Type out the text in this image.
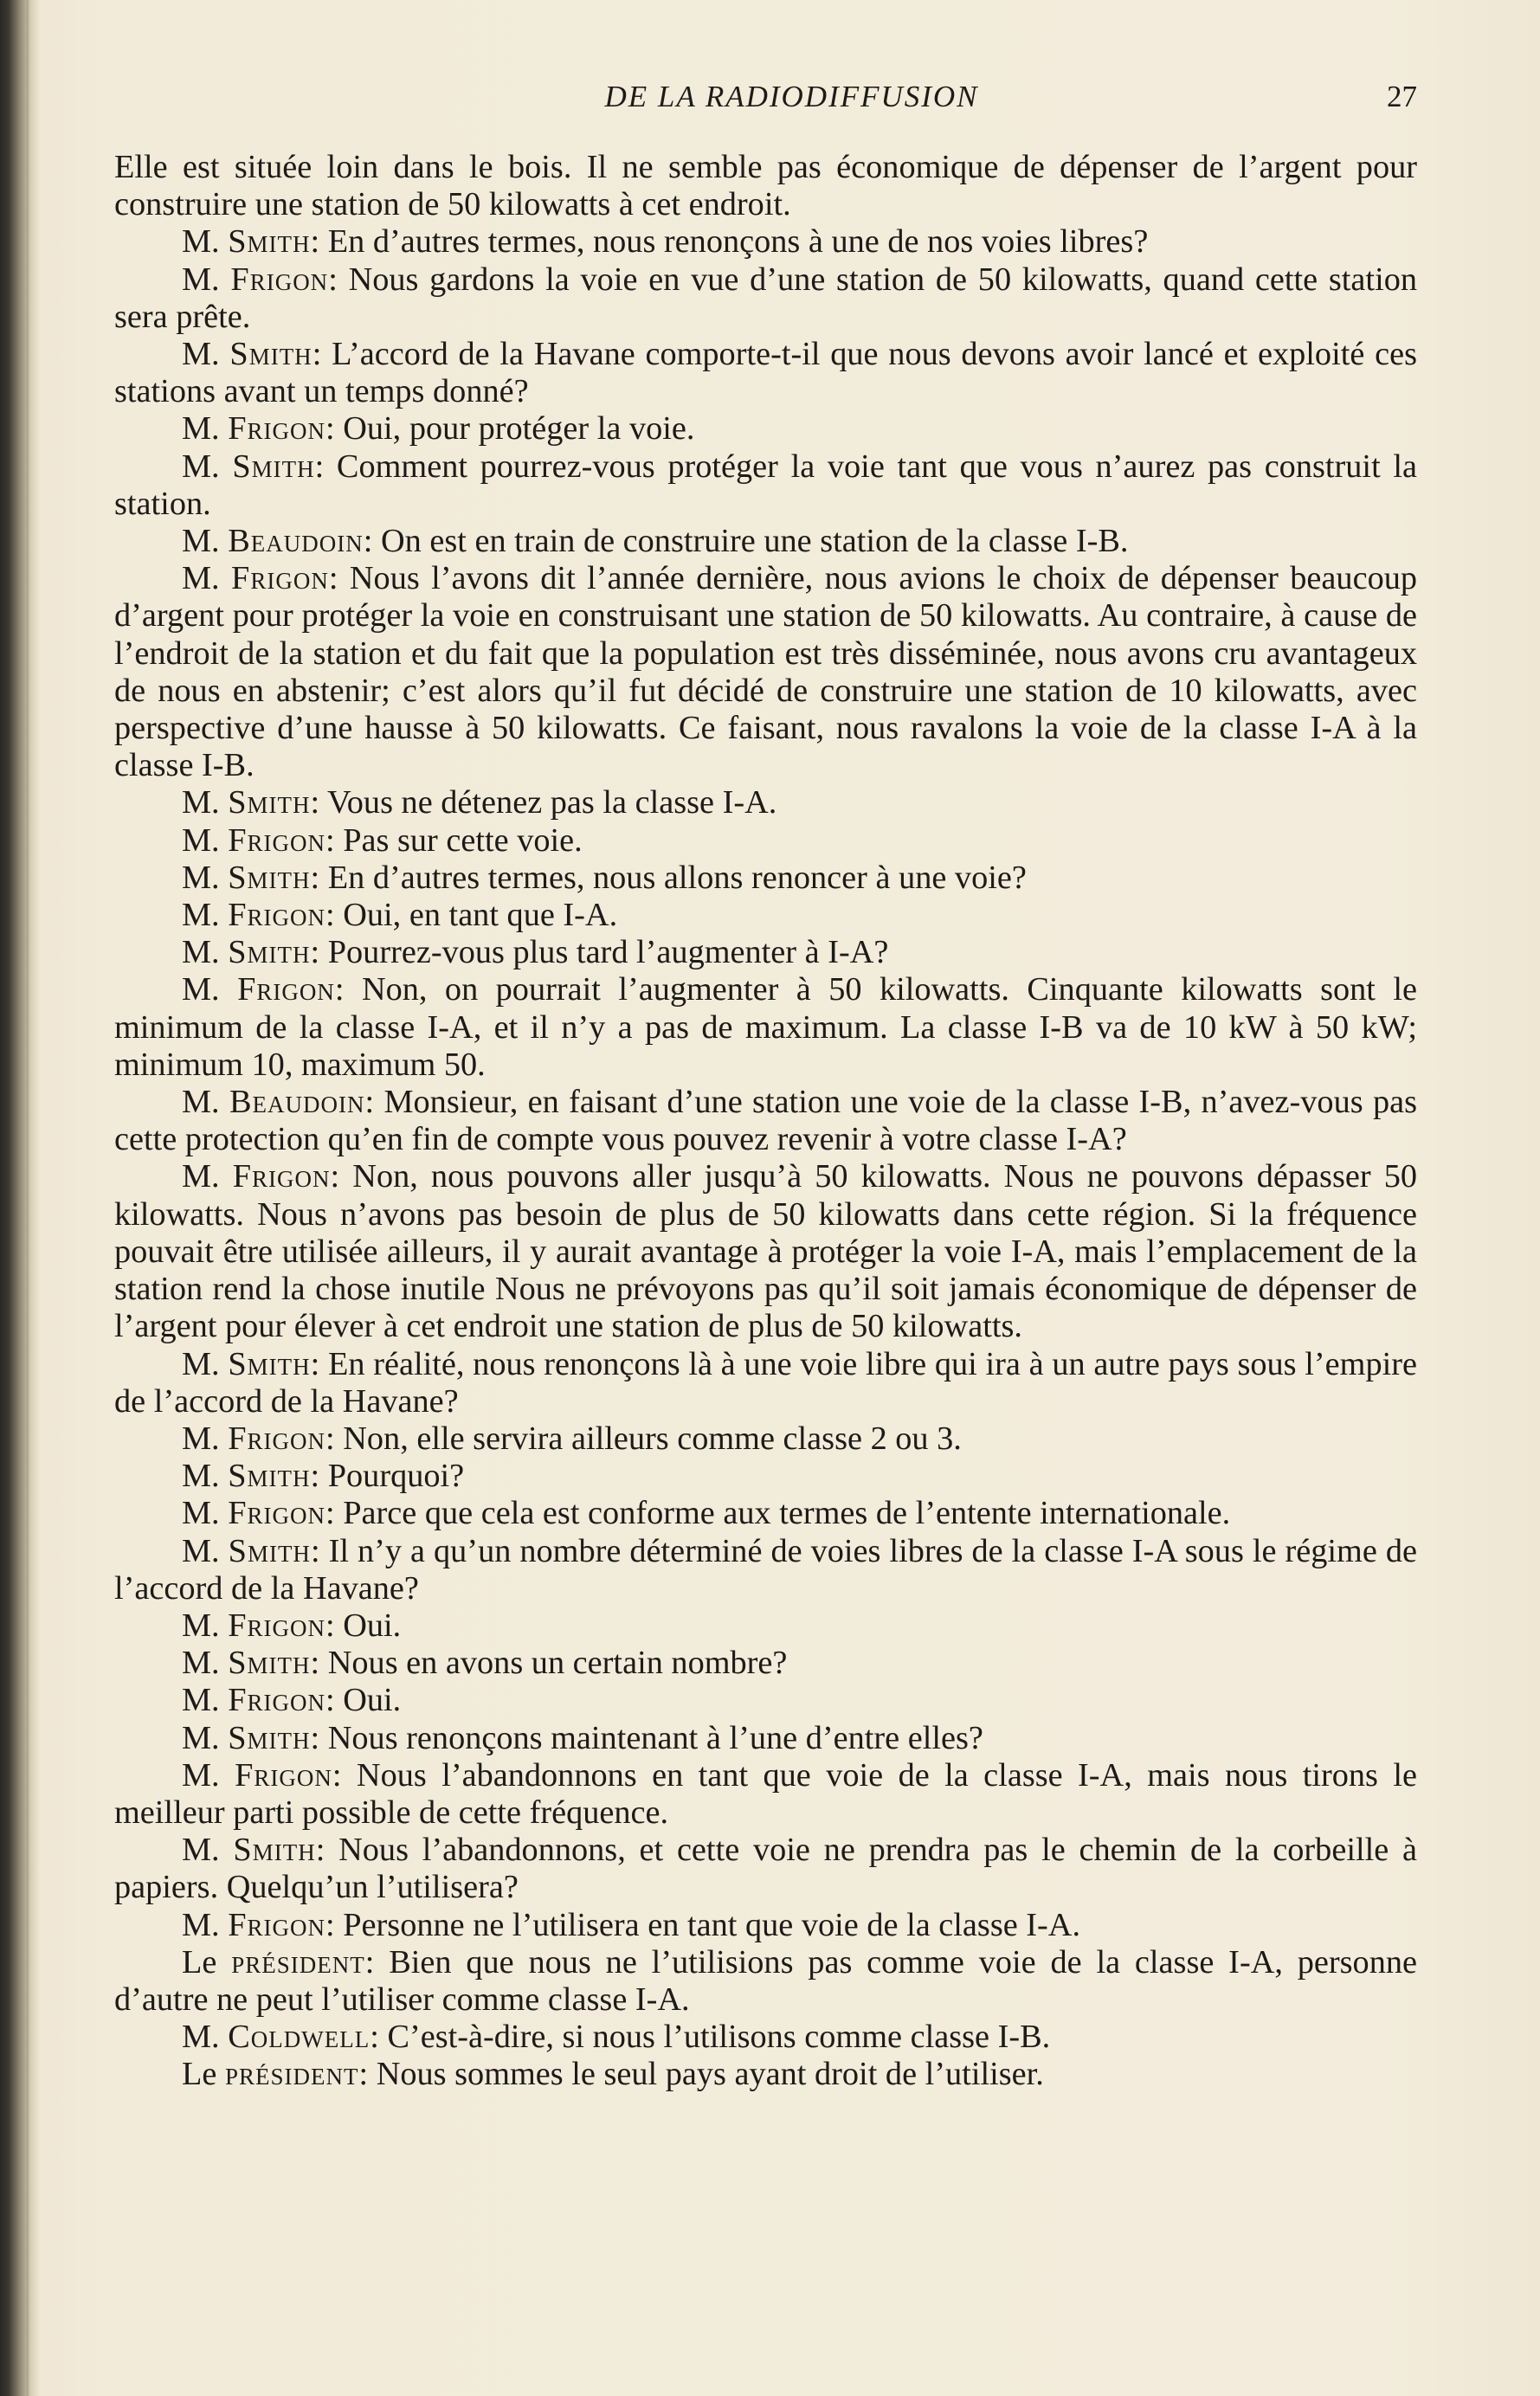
DE LA RADIODIFFUSION	27

Elle est située loin dans le bois. Il ne semble pas économique de dépenser de l’argent pour construire une station de 50 kilowatts à cet endroit.

M. Smith: En d’autres termes, nous renonçons à une de nos voies libres?

M. Frigon: Nous gardons la voie en vue d’une station de 50 kilowatts, quand cette station sera prête.

M. Smith: L’accord de la Havane comporte-t-il que nous devons avoir lancé et exploité ces stations avant un temps donné?

M. Frigon: Oui, pour protéger la voie.

M. Smith: Comment pourrez-vous protéger la voie tant que vous n’aurez pas construit la station.

M. Beaudoin: On est en train de construire une station de la classe I-B.

M. Frigon: Nous l’avons dit l’année dernière, nous avions le choix de dépenser beaucoup d’argent pour protéger la voie en construisant une station de 50 kilowatts. Au contraire, à cause de l’endroit de la station et du fait que la population est très disséminée, nous avons cru avantageux de nous en abstenir; c’est alors qu’il fut décidé de construire une station de 10 kilowatts, avec perspective d’une hausse à 50 kilowatts. Ce faisant, nous ravalons la voie de la classe I-A à la classe I-B.

M. Smith: Vous ne détenez pas la classe I-A.

M. Frigon: Pas sur cette voie.

M. Smith: En d’autres termes, nous allons renoncer à une voie?

M. Frigon: Oui, en tant que I-A.

M. Smith: Pourrez-vous plus tard l’augmenter à I-A?

M. Frigon: Non, on pourrait l’augmenter à 50 kilowatts. Cinquante kilowatts sont le minimum de la classe I-A, et il n’y a pas de maximum. La classe I-B va de 10 kW à 50 kW; minimum 10, maximum 50.

M. Beaudoin: Monsieur, en faisant d’une station une voie de la classe I-B, n’avez-vous pas cette protection qu’en fin de compte vous pouvez revenir à votre classe I-A?

M. Frigon: Non, nous pouvons aller jusqu’à 50 kilowatts. Nous ne pouvons dépasser 50 kilowatts. Nous n’avons pas besoin de plus de 50 kilowatts dans cette région. Si la fréquence pouvait être utilisée ailleurs, il y aurait avantage à protéger la voie I-A, mais l’emplacement de la station rend la chose inutile Nous ne prévoyons pas qu’il soit jamais économique de dépenser de l’argent pour élever à cet endroit une station de plus de 50 kilowatts.

M. Smith: En réalité, nous renonçons là à une voie libre qui ira à un autre pays sous l’empire de l’accord de la Havane?

M. Frigon: Non, elle servira ailleurs comme classe 2 ou 3.

M. Smith: Pourquoi?

M. Frigon: Parce que cela est conforme aux termes de l’entente internationale.

M. Smith: Il n’y a qu’un nombre déterminé de voies libres de la classe I-A sous le régime de l’accord de la Havane?

M. Frigon: Oui.

M. Smith: Nous en avons un certain nombre?

M. Frigon: Oui.

M. Smith: Nous renonçons maintenant à l’une d’entre elles?

M. Frigon: Nous l’abandonnons en tant que voie de la classe I-A, mais nous tirons le meilleur parti possible de cette fréquence.

M. Smith: Nous l’abandonnons, et cette voie ne prendra pas le chemin de la corbeille à papiers. Quelqu’un l’utilisera?

M. Frigon: Personne ne l’utilisera en tant que voie de la classe I-A.

Le président: Bien que nous ne l’utilisions pas comme voie de la classe I-A, personne d’autre ne peut l’utiliser comme classe I-A.

M. Coldwell: C’est-à-dire, si nous l’utilisons comme classe I-B.

Le président: Nous sommes le seul pays ayant droit de l’utiliser.
